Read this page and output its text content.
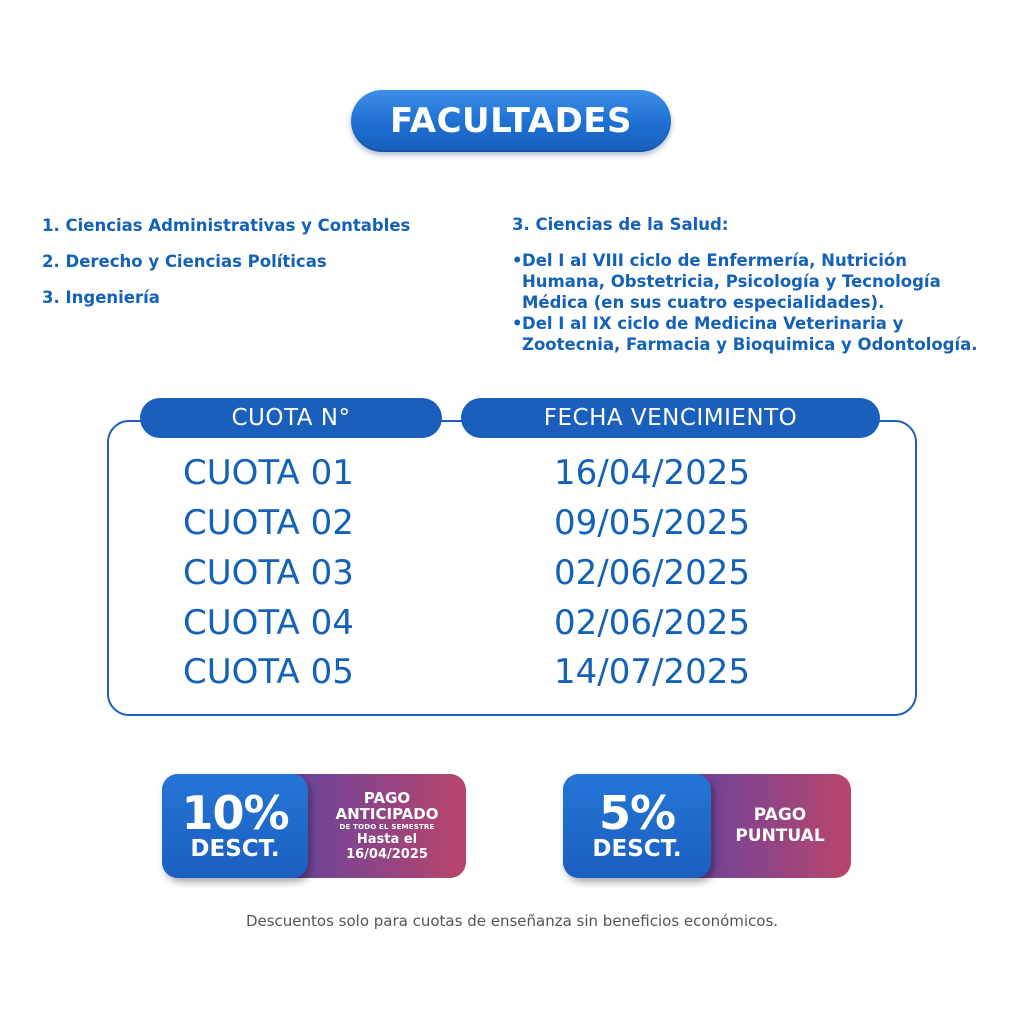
FACULTADES
1. Ciencias Administrativas y Contables
2. Derecho y Ciencias Políticas
3. Ingeniería
3. Ciencias de la Salud:
• Del I al VIII ciclo de Enfermería, Nutrición Humana, Obstetricia, Psicología y Tecnología Médica (en sus cuatro especialidades).
• Del I al IX ciclo de Medicina Veterinaria y Zootecnia, Farmacia y Bioquimica y Odontología.
CUOTA N°	FECHA VENCIMIENTO
CUOTA 01	16/04/2025
CUOTA 02	09/05/2025
CUOTA 03	02/06/2025
CUOTA 04	02/06/2025
CUOTA 05	14/07/2025
PAGO
ANTICIPADO
DE TODO EL SEMESTRE
Hasta el
16/04/2025
10%
DESCT.
PAGO
PUNTUAL
5%
DESCT.
Descuentos solo para cuotas de enseñanza sin beneficios económicos.
